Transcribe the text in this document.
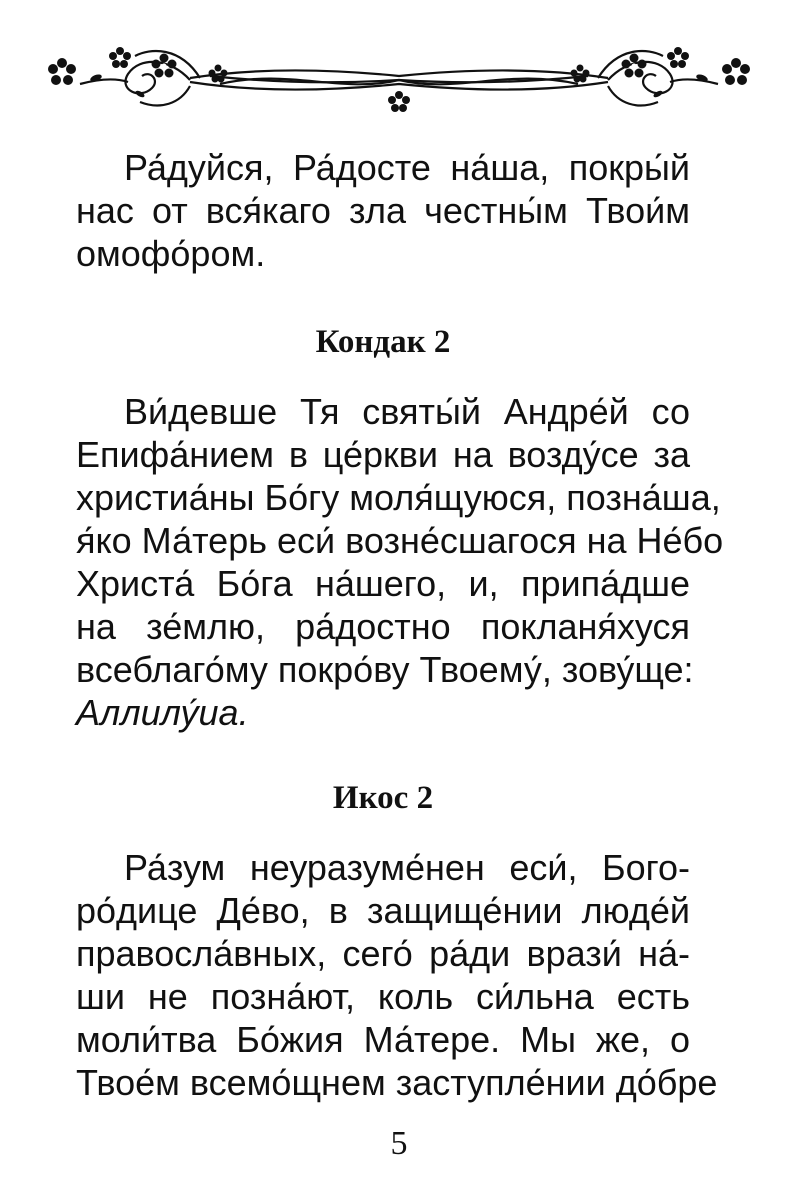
Ра́дуйся, Ра́досте на́ша, покры́й
нас от вся́каго зла честны́м Твои́м
омофо́ром.
Кондак 2
Ви́девше Тя святы́й Андре́й со
Епифа́нием в це́ркви на возду́се за
христиа́ны Бо́гу моля́щуюся, позна́ша,
я́ко Ма́терь еси́ возне́сшагося на Не́бо
Христа́ Бо́га на́шего, и, припа́дше
на зе́млю, ра́достно покланя́хуся
всеблаго́му покро́ву Твоему́, зову́ще:
Аллилу́иа.
Икос 2
Ра́зум неуразуме́нен еси́, Бого-
ро́дице Де́во, в защище́нии люде́й
правосла́вных, сего́ ра́ди врази́ на́-
ши не позна́ют, коль си́льна есть
моли́тва Бо́жия Ма́тере. Мы же, о
Твое́м всемо́щнем заступле́нии до́бре
5
